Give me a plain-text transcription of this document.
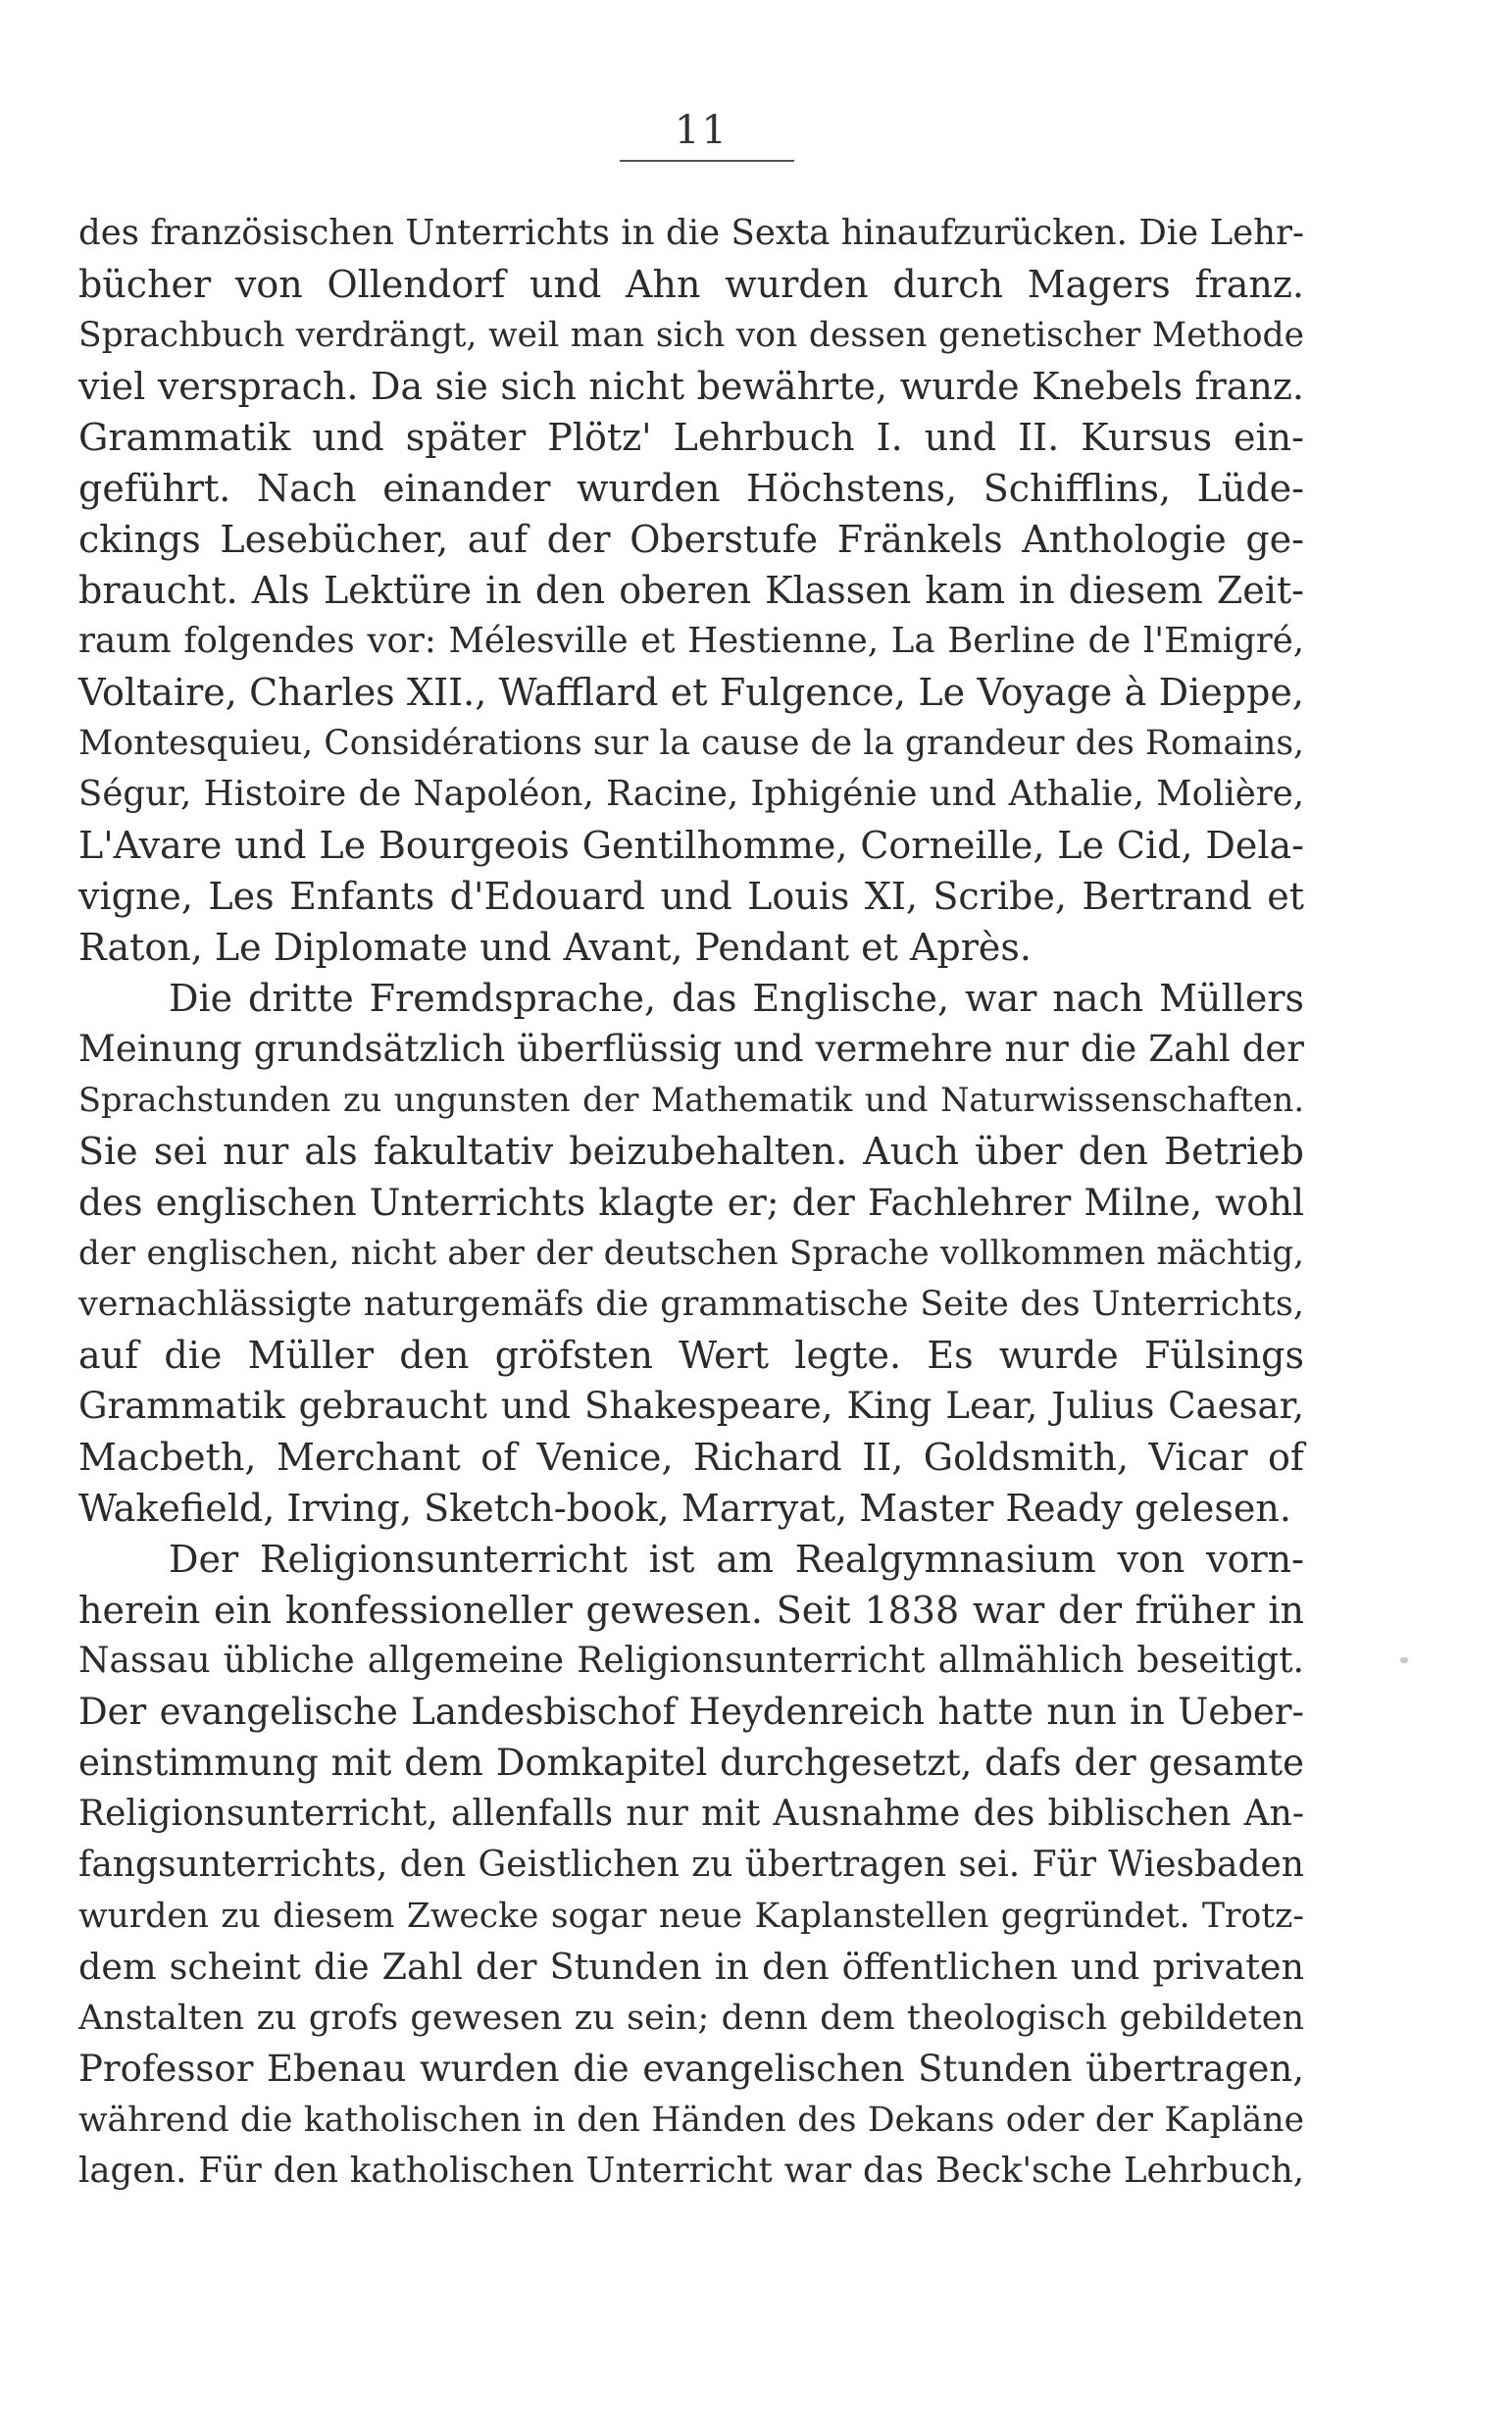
11
des französischen Unterrichts in die Sexta hinaufzurücken. Die Lehr-
bücher von Ollendorf und Ahn wurden durch Magers franz.
Sprachbuch verdrängt, weil man sich von dessen genetischer Methode
viel versprach. Da sie sich nicht bewährte, wurde Knebels franz.
Grammatik und später Plötz' Lehrbuch I. und II. Kursus ein-
geführt. Nach einander wurden Höchstens, Schifflins, Lüde-
ckings Lesebücher, auf der Oberstufe Fränkels Anthologie ge-
braucht. Als Lektüre in den oberen Klassen kam in diesem Zeit-
raum folgendes vor: Mélesville et Hestienne, La Berline de l'Emigré,
Voltaire, Charles XII., Wafflard et Fulgence, Le Voyage à Dieppe,
Montesquieu, Considérations sur la cause de la grandeur des Romains,
Ségur, Histoire de Napoléon, Racine, Iphigénie und Athalie, Molière,
L'Avare und Le Bourgeois Gentilhomme, Corneille, Le Cid, Dela-
vigne, Les Enfants d'Edouard und Louis XI, Scribe, Bertrand et
Raton, Le Diplomate und Avant, Pendant et Après.
Die dritte Fremdsprache, das Englische, war nach Müllers
Meinung grundsätzlich überflüssig und vermehre nur die Zahl der
Sprachstunden zu ungunsten der Mathematik und Naturwissenschaften.
Sie sei nur als fakultativ beizubehalten. Auch über den Betrieb
des englischen Unterrichts klagte er; der Fachlehrer Milne, wohl
der englischen, nicht aber der deutschen Sprache vollkommen mächtig,
vernachlässigte naturgemäfs die grammatische Seite des Unterrichts,
auf die Müller den gröfsten Wert legte. Es wurde Fülsings
Grammatik gebraucht und Shakespeare, King Lear, Julius Caesar,
Macbeth, Merchant of Venice, Richard II, Goldsmith, Vicar of
Wakefield, Irving, Sketch-book, Marryat, Master Ready gelesen.
Der Religionsunterricht ist am Realgymnasium von vorn-
herein ein konfessioneller gewesen. Seit 1838 war der früher in
Nassau übliche allgemeine Religionsunterricht allmählich beseitigt.
Der evangelische Landesbischof Heydenreich hatte nun in Ueber-
einstimmung mit dem Domkapitel durchgesetzt, dafs der gesamte
Religionsunterricht, allenfalls nur mit Ausnahme des biblischen An-
fangsunterrichts, den Geistlichen zu übertragen sei. Für Wiesbaden
wurden zu diesem Zwecke sogar neue Kaplanstellen gegründet. Trotz-
dem scheint die Zahl der Stunden in den öffentlichen und privaten
Anstalten zu grofs gewesen zu sein; denn dem theologisch gebildeten
Professor Ebenau wurden die evangelischen Stunden übertragen,
während die katholischen in den Händen des Dekans oder der Kapläne
lagen. Für den katholischen Unterricht war das Beck'sche Lehrbuch,
